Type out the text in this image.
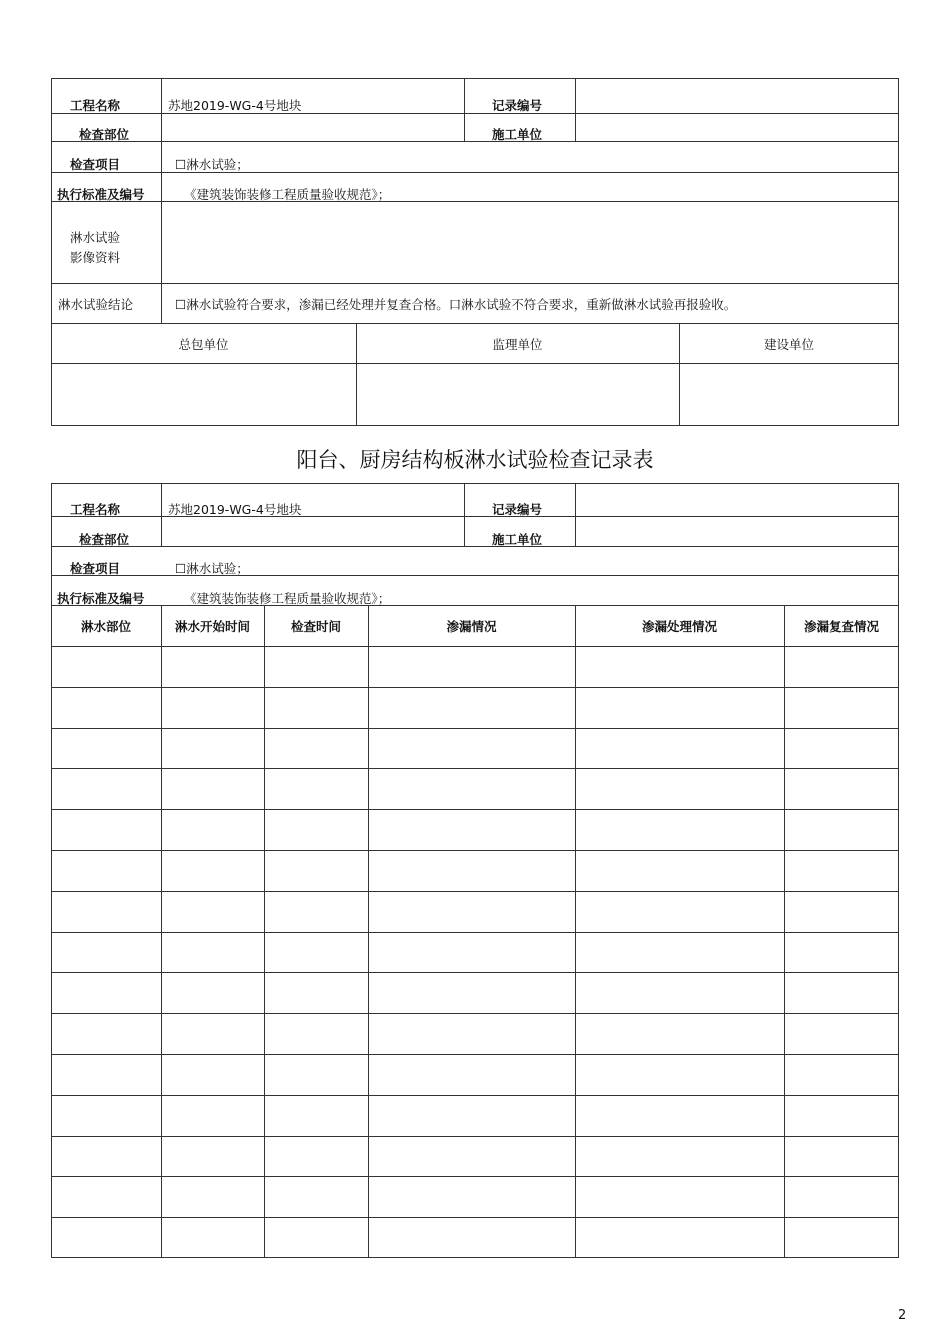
工程名称	苏地2019-WG-4号地块	记录编号
检查部位	施工单位
检查项目	☐淋水试验；
执行标准及编号	《建筑装饰装修工程质量验收规范》；
淋水试验
影像资料
淋水试验结论	☐淋水试验符合要求，渗漏已经处理并复查合格。口淋水试验不符合要求，重新做淋水试验再报验收。
总包单位	监理单位	建设单位
阳台、厨房结构板淋水试验检查记录表
工程名称	苏地2019-WG-4号地块	记录编号
检查部位	施工单位
检查项目	☐淋水试验；
执行标准及编号	《建筑装饰装修工程质量验收规范》；
淋水部位	淋水开始时间	检查时间	渗漏情况	渗漏处理情况	渗漏复查情况
2
